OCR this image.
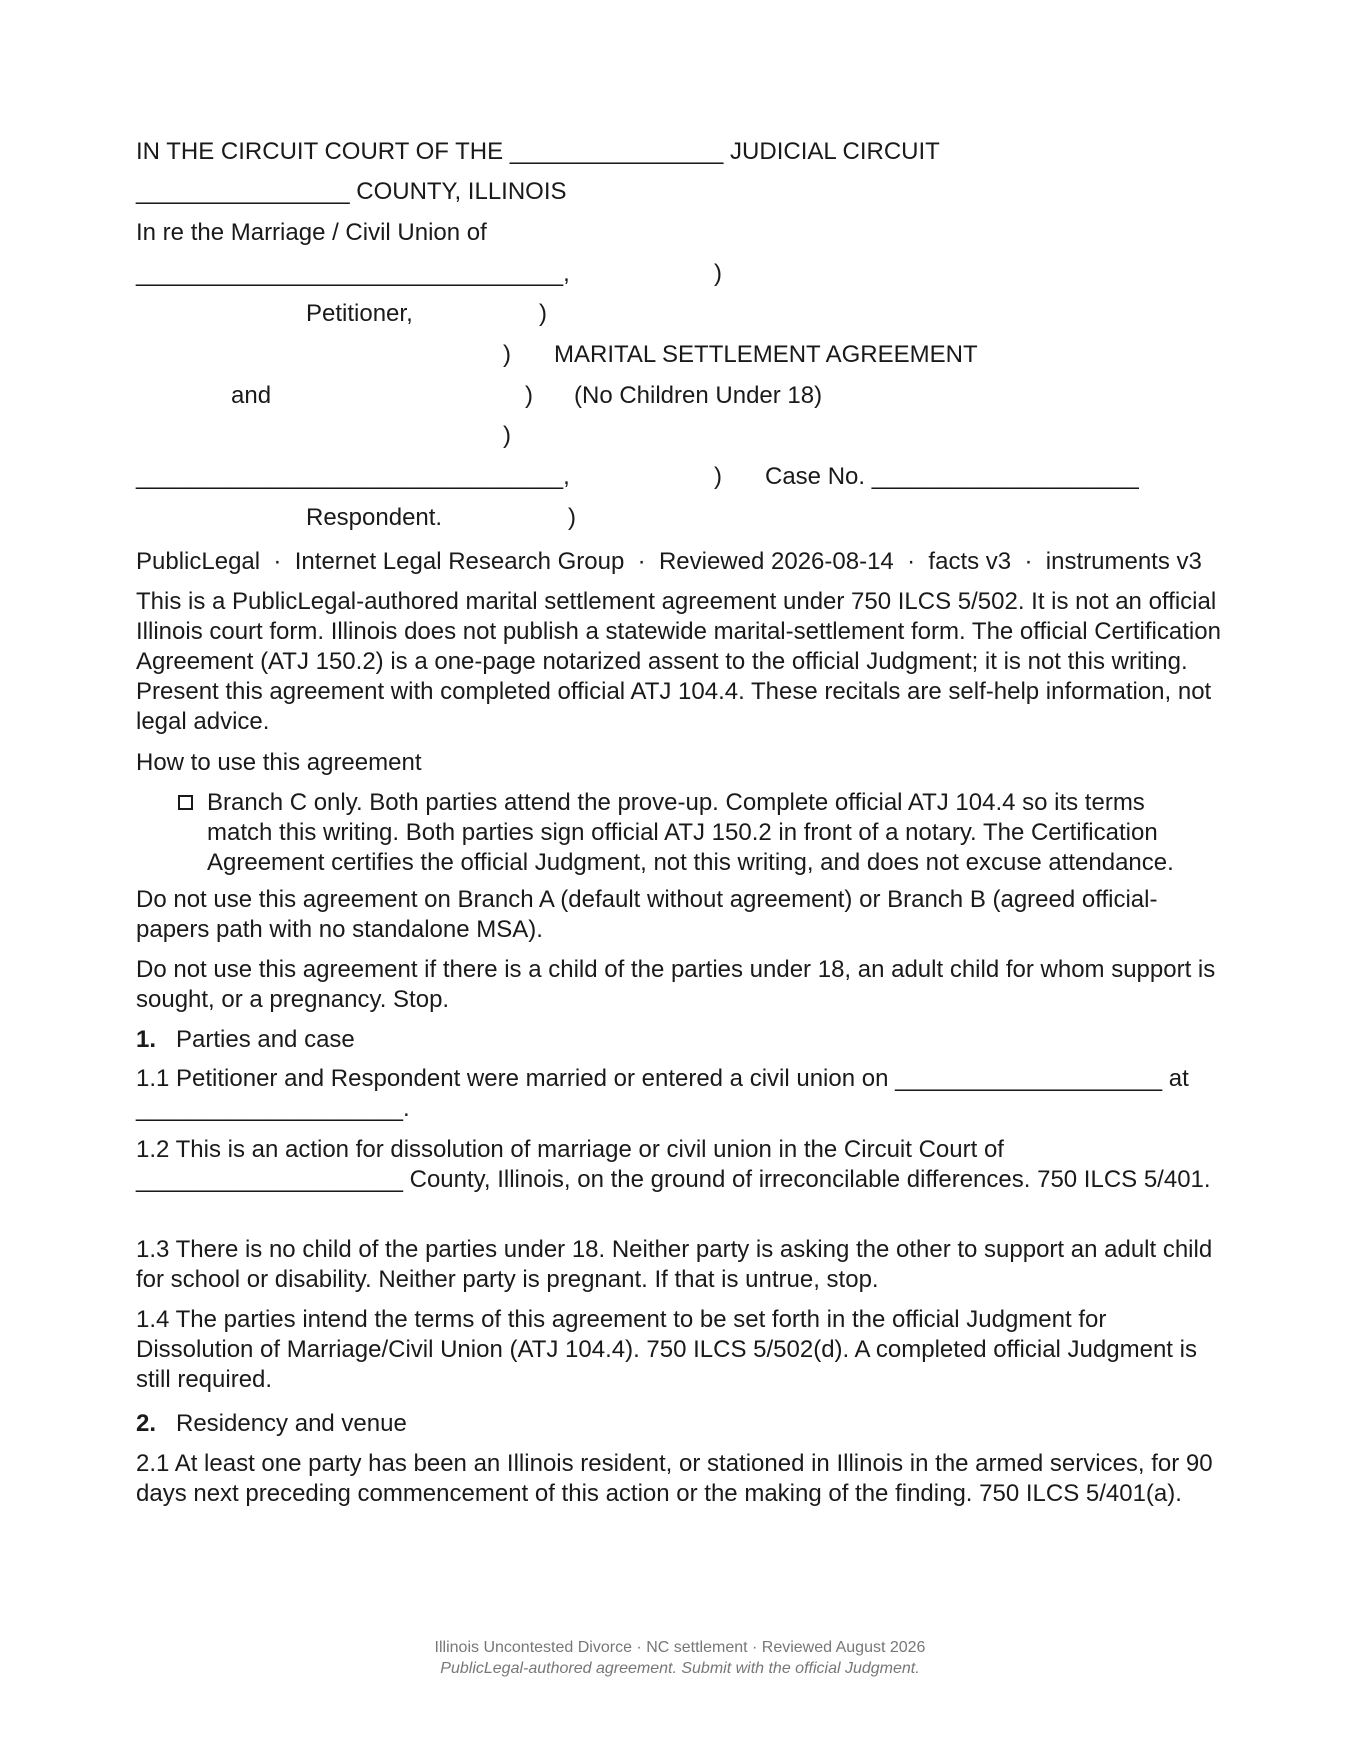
IN THE CIRCUIT COURT OF THE ________________ JUDICIAL CIRCUIT
________________ COUNTY, ILLINOIS
In re the Marriage / Civil Union of
________________________________,	)
Petitioner,	)
) MARITAL SETTLEMENT AGREEMENT
and	) (No Children Under 18)
)
________________________________,	) Case No. ____________________
Respondent.	)
PublicLegal  ·  Internet Legal Research Group  ·  Reviewed 2026-08-14  ·  facts v3  ·  instruments v3
This is a PublicLegal-authored marital settlement agreement under 750 ILCS 5/502. It is not an official Illinois court form. Illinois does not publish a statewide marital-settlement form. The official Certification Agreement (ATJ 150.2) is a one-page notarized assent to the official Judgment; it is not this writing. Present this agreement with completed official ATJ 104.4. These recitals are self-help information, not legal advice.
How to use this agreement
Branch C only. Both parties attend the prove-up. Complete official ATJ 104.4 so its terms match this writing. Both parties sign official ATJ 150.2 in front of a notary. The Certification Agreement certifies the official Judgment, not this writing, and does not excuse attendance.
Do not use this agreement on Branch A (default without agreement) or Branch B (agreed official-papers path with no standalone MSA).
Do not use this agreement if there is a child of the parties under 18, an adult child for whom support is sought, or a pregnancy. Stop.
1. Parties and case
1.1 Petitioner and Respondent were married or entered a civil union on ____________________ at ____________________.
1.2 This is an action for dissolution of marriage or civil union in the Circuit Court of ____________________ County, Illinois, on the ground of irreconcilable differences. 750 ILCS 5/401.
1.3 There is no child of the parties under 18. Neither party is asking the other to support an adult child for school or disability. Neither party is pregnant. If that is untrue, stop.
1.4 The parties intend the terms of this agreement to be set forth in the official Judgment for Dissolution of Marriage/Civil Union (ATJ 104.4). 750 ILCS 5/502(d). A completed official Judgment is still required.
2. Residency and venue
2.1 At least one party has been an Illinois resident, or stationed in Illinois in the armed services, for 90 days next preceding commencement of this action or the making of the finding. 750 ILCS 5/401(a).
Illinois Uncontested Divorce · NC settlement · Reviewed August 2026
PublicLegal-authored agreement. Submit with the official Judgment.
